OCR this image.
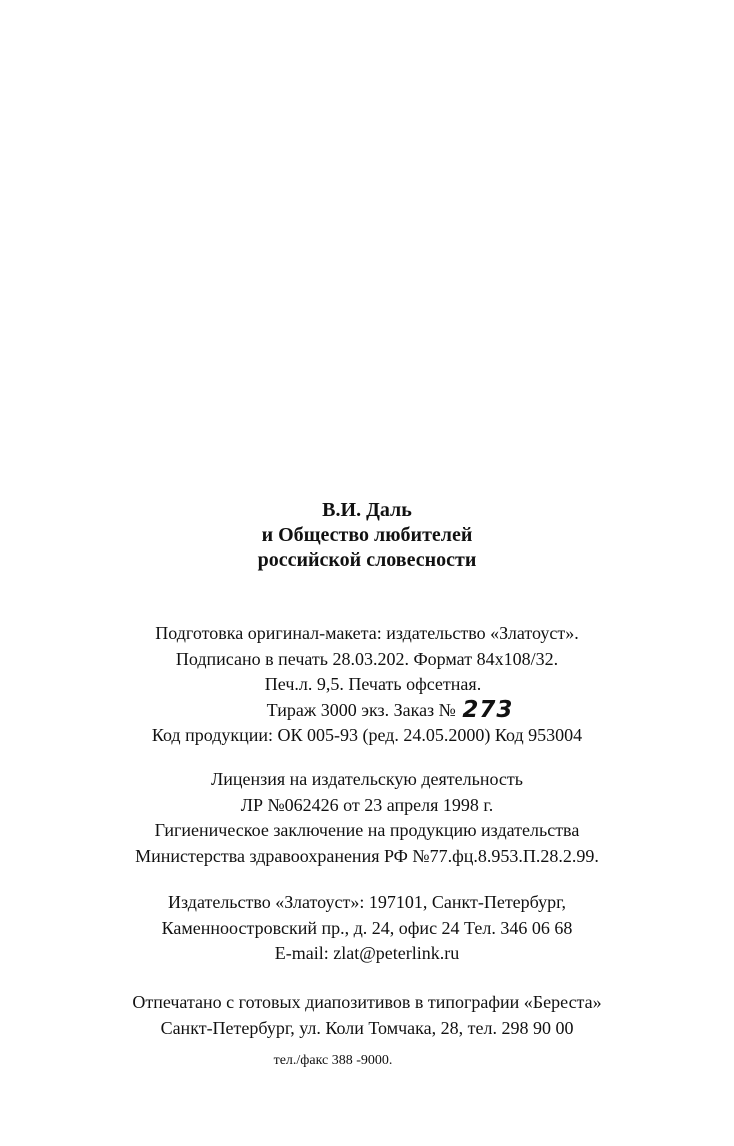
В.И. Даль
и Общество любителей
российской словесности
Подготовка оригинал-макета: издательство «Златоуст».
Подписано в печать 28.03.202. Формат 84х108/32.
Печ.л. 9,5. Печать офсетная.
Тираж 3000 экз. Заказ № 273
Код продукции: ОК 005-93 (ред. 24.05.2000) Код 953004
Лицензия на издательскую деятельность
ЛР №062426 от 23 апреля 1998 г.
Гигиеническое заключение на продукцию издательства
Министерства здравоохранения РФ №77.фц.8.953.П.28.2.99.
Издательство «Златоуст»: 197101, Санкт-Петербург,
Каменноостровский пр., д. 24, офис 24 Тел. 346 06 68
E-mail: zlat@peterlink.ru
Отпечатано с готовых диапозитивов в типографии «Береста»
Санкт-Петербург, ул. Коли Томчака, 28, тел. 298 90 00
тел./факс 388 -9000.
